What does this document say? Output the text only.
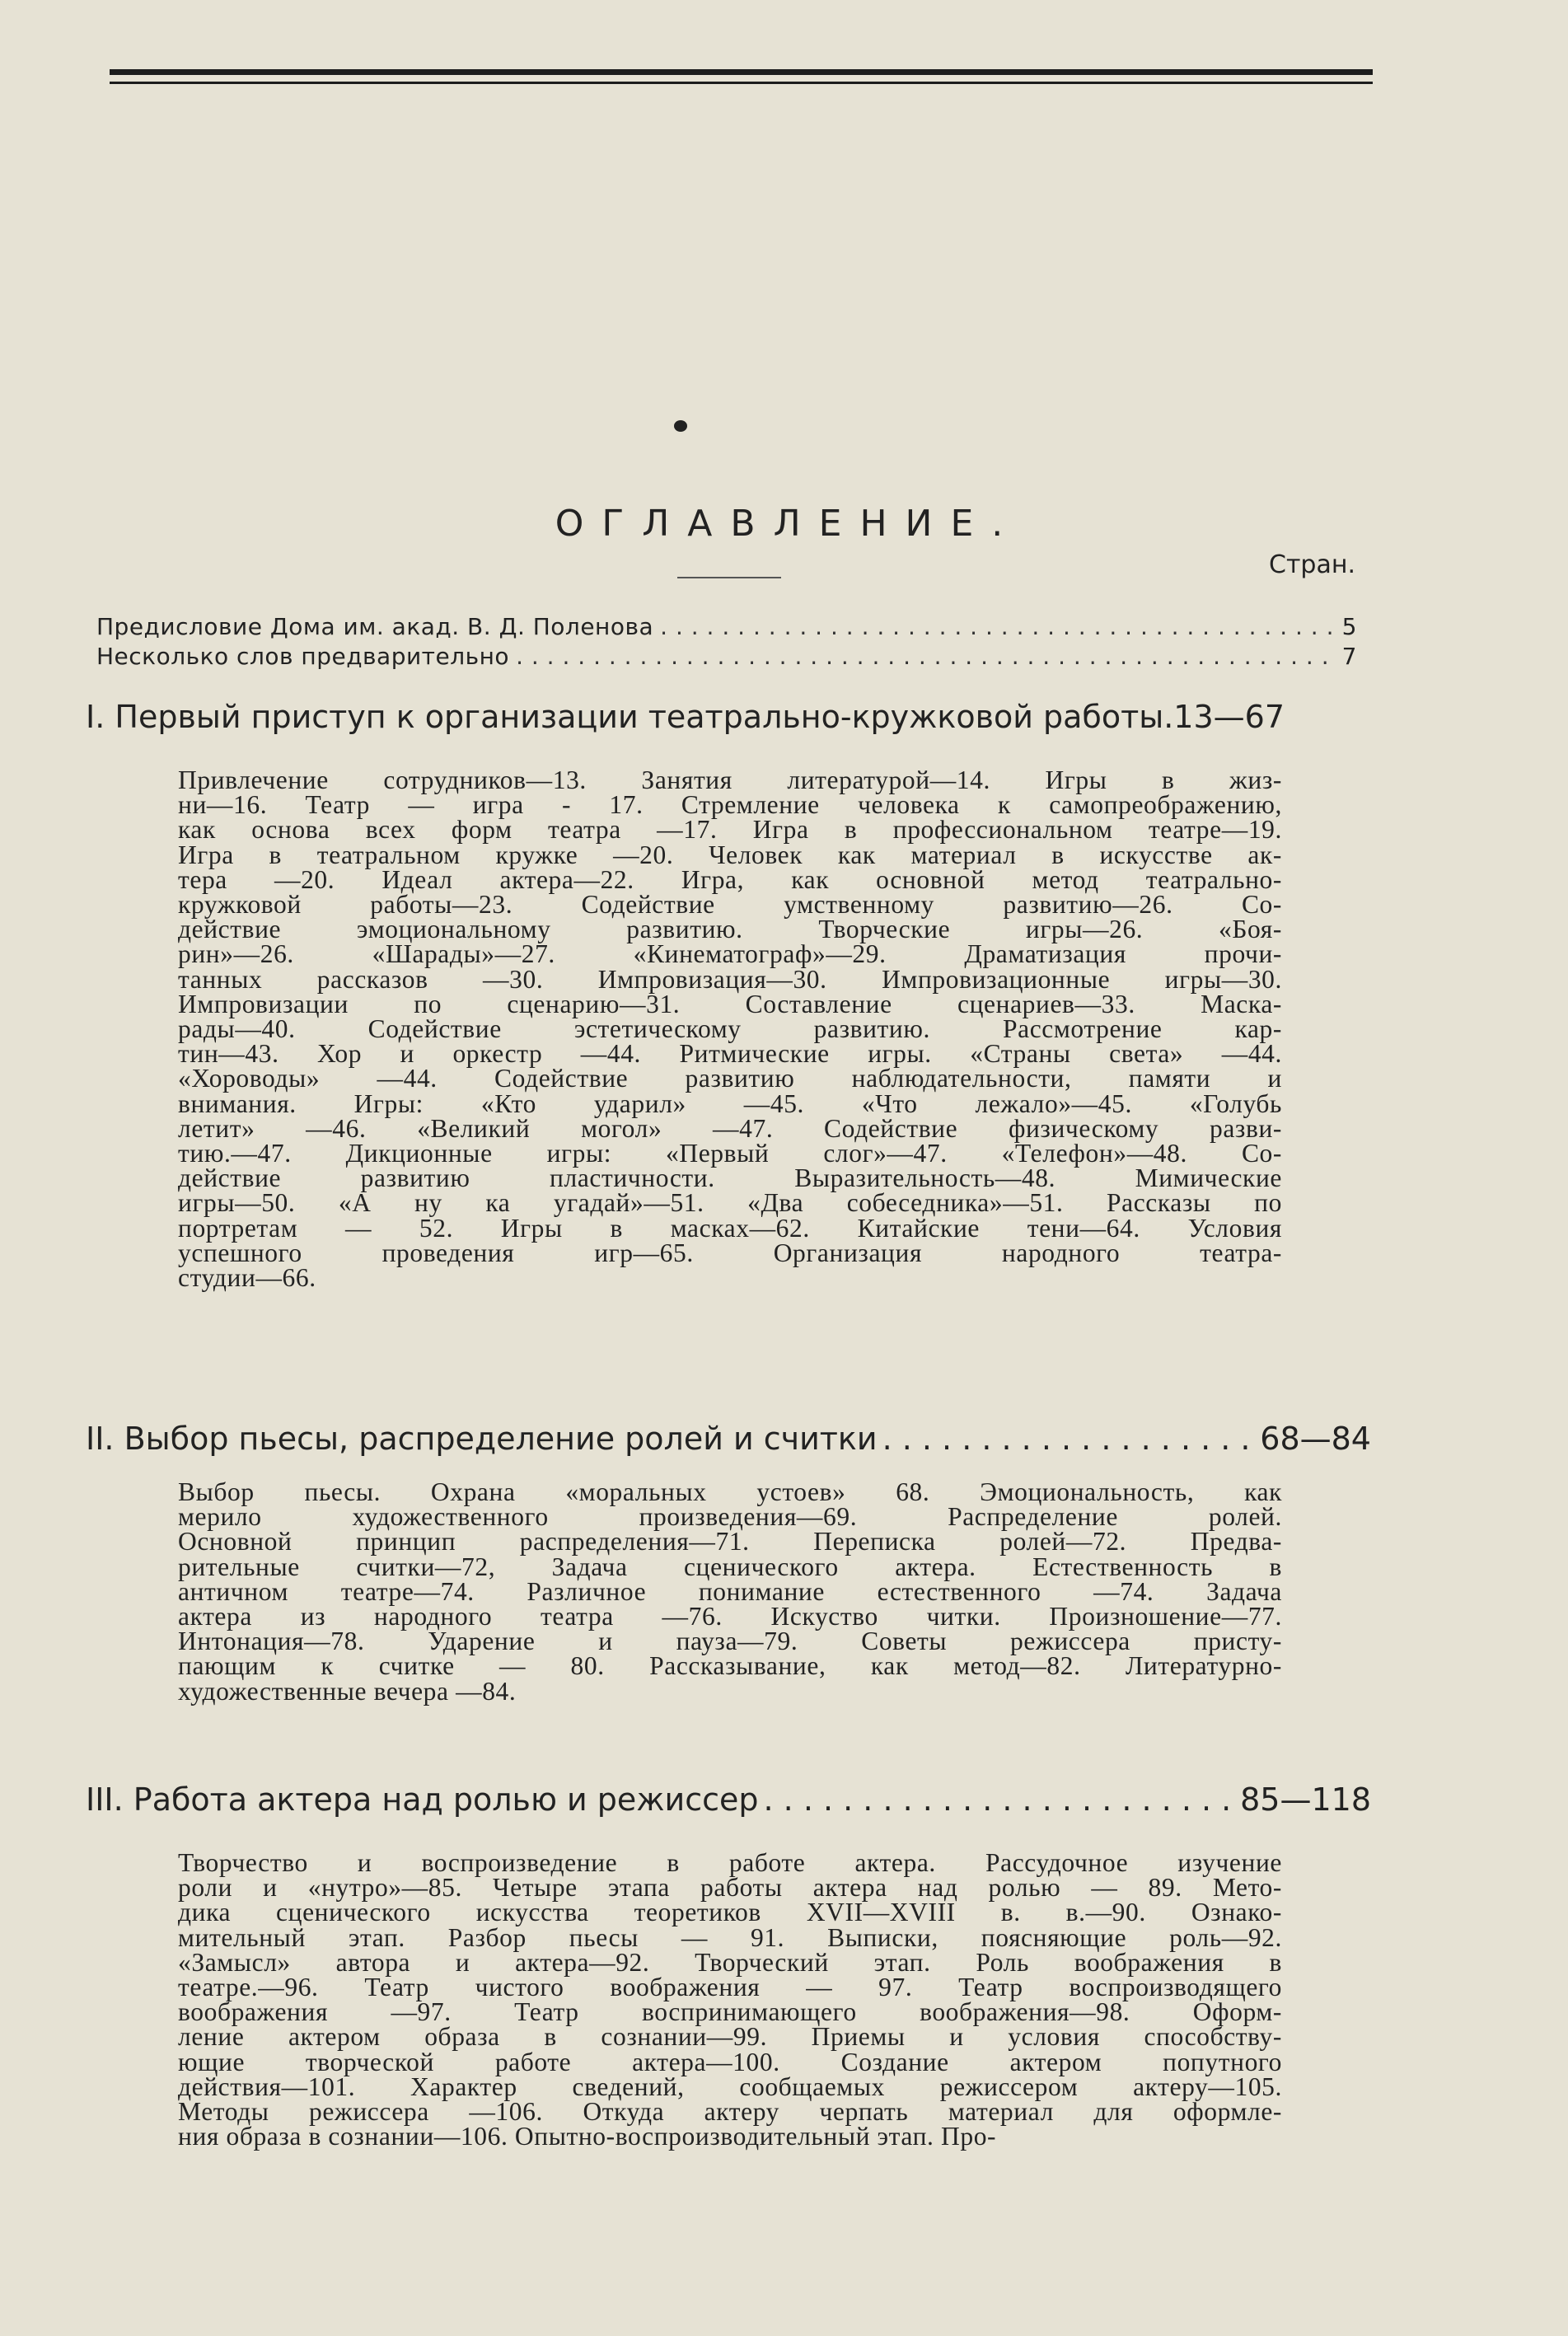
ОГЛАВЛЕНИЕ.
Стран.
Предисловие Дома им. акад. В. Д. Поленова . . .	5
Несколько слов предварительно . . .	7
I. Первый приступ к организации театрально-кружковой работы. 13—67
Привлечение сотрудников—13. Занятия литературой—14. Игры в жиз-
ни—16. Театр — игра - 17. Стремление человека к самопреображению,
как основа всех форм театра —17. Игра в профессиональном театре—19.
Игра в театральном кружке —20. Человек как материал в искусстве ак-
тера —20. Идеал актера—22. Игра, как основной метод театрально-
кружковой работы—23. Содействие умственному развитию—26. Со-
действие эмоциональному развитию. Творческие игры—26. «Боя-
рин»—26. «Шарады»—27. «Кинематограф»—29. Драматизация прочи-
танных рассказов —30. Импровизация—30. Импровизационные игры—30.
Импровизации по сценарию—31. Составление сценариев—33. Маска-
рады—40. Содействие эстетическому развитию. Рассмотрение кар-
тин—43. Хор и оркестр —44. Ритмические игры. «Страны света» —44.
«Хороводы» —44. Содействие развитию наблюдательности, памяти и
внимания. Игры: «Кто ударил» —45. «Что лежало»—45. «Голубь
летит» —46. «Великий могол» —47. Содействие физическому разви-
тию.—47. Дикционные игры: «Первый слог»—47. «Телефон»—48. Со-
действие развитию пластичности. Выразительность—48. Мимические
игры—50. «А ну ка угадай»—51. «Два собеседника»—51. Рассказы по
портретам — 52. Игры в масках—62. Китайские тени—64. Условия
успешного проведения игр—65. Организация народного театра-
студии—66.
II. Выбор пьесы, распределение ролей и считки . . .	68—84
Выбор пьесы. Охрана «моральных устоев» 68. Эмоциональность, как
мерило художественного произведения—69. Распределение ролей.
Основной принцип распределения—71. Переписка ролей—72. Предва-
рительные считки—72, Задача сценического актера. Естественность в
античном театре—74. Различное понимание естественного —74. Задача
актера из народного театра —76. Искуство читки. Произношение—77.
Интонация—78. Ударение и пауза—79. Советы режиссера присту-
пающим к считке — 80. Рассказывание, как метод—82. Литературно-
художественные вечера —84.
III. Работа актера над ролью и режиссер . . .	85—118
Творчество и воспроизведение в работе актера. Рассудочное изучение
роли и «нутро»—85. Четыре этапа работы актера над ролью — 89. Мето-
дика сценического искусства теоретиков XVII—XVIII в. в.—90. Ознако-
мительный этап. Разбор пьесы — 91. Выписки, поясняющие роль—92.
«Замысл» автора и актера—92. Творческий этап. Роль воображения в
театре.—96. Театр чистого воображения — 97. Театр воспроизводящего
воображения —97. Театр воспринимающего воображения—98. Оформ-
ление актером образа в сознании—99. Приемы и условия способству-
ющие творческой работе актера—100. Создание актером попутного
действия—101. Характер сведений, сообщаемых режиссером актеру—105.
Методы режиссера —106. Откуда актеру черпать материал для оформле-
ния образа в сознании—106. Опытно-воспроизводительный этап. Про-
